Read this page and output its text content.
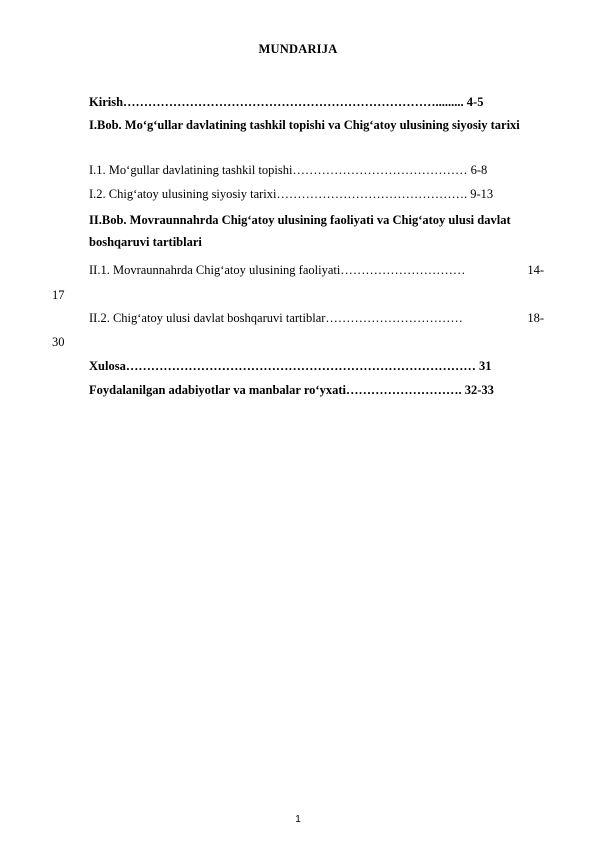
MUNDARIJA
Kirish…………………………………………………………………......... 4-5
I.Bob. Mo‘g‘ullar davlatining tashkil topishi va Chig‘atoy ulusining siyosiy tarixi
I.1. Mo‘gullar davlatining tashkil topishi…………………………………… 6-8
I.2. Chig‘atoy ulusining siyosiy tarixi………………………………………. 9-13
II.Bob. Movraunnahrda Chig‘atoy ulusining faoliyati va Chig‘atoy ulusi davlat boshqaruvi tartiblari
II.1. Movraunnahrda Chig‘atoy ulusining faoliyati…………………………	14-
17
II.2. Chig‘atoy ulusi davlat boshqaruvi tartiblar……………………………	18-
30
Xulosa………………………………………………………………………… 31
Foydalanilgan adabiyotlar va manbalar ro‘yxati………………………. 32-33
1
